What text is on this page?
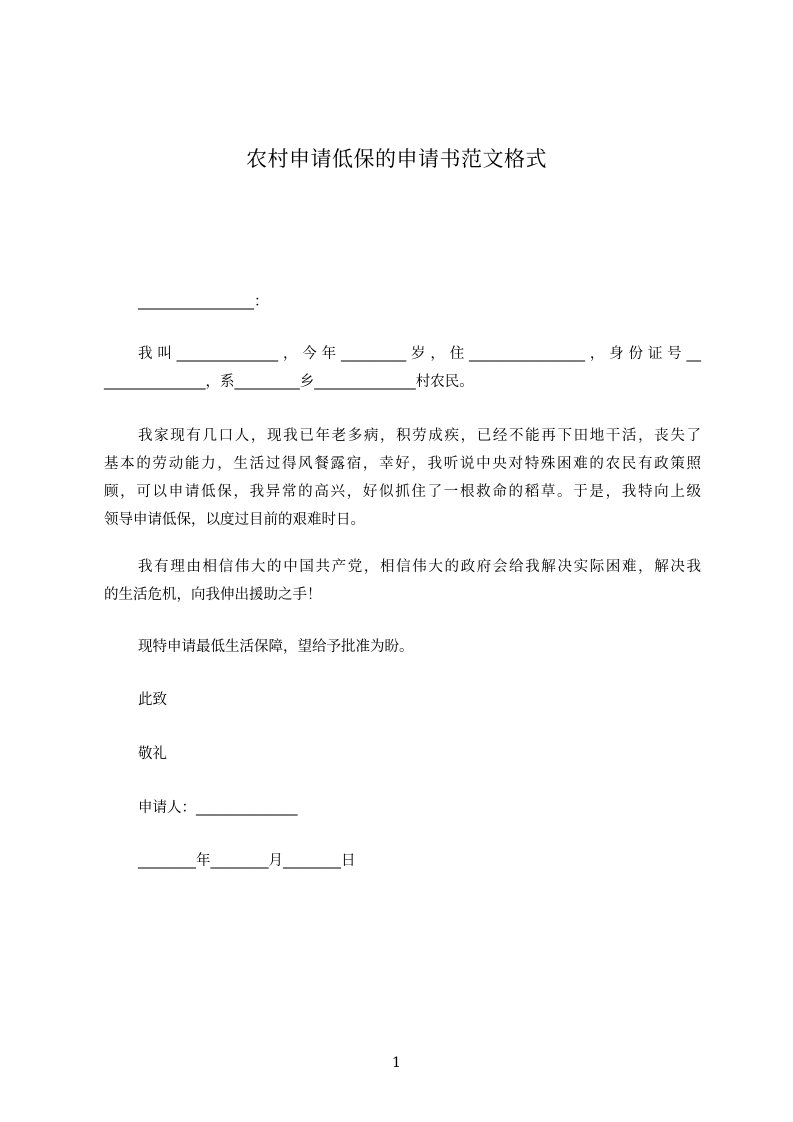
农村申请低保的申请书范文格式
________________：
我叫______________，今年_________岁，住________________，身份证号__
______________，系_________乡______________村农民。
我家现有几口人，现我已年老多病，积劳成疾，已经不能再下田地干活，丧失了
基本的劳动能力，生活过得风餐露宿，幸好，我听说中央对特殊困难的农民有政策照
顾，可以申请低保，我异常的高兴，好似抓住了一根救命的稻草。于是，我特向上级
领导申请低保，以度过目前的艰难时日。
我有理由相信伟大的中国共产党，相信伟大的政府会给我解决实际困难，解决我
的生活危机，向我伸出援助之手！
现特申请最低生活保障，望给予批准为盼。
此致
敬礼
申请人：______________
________年________月________日
1
